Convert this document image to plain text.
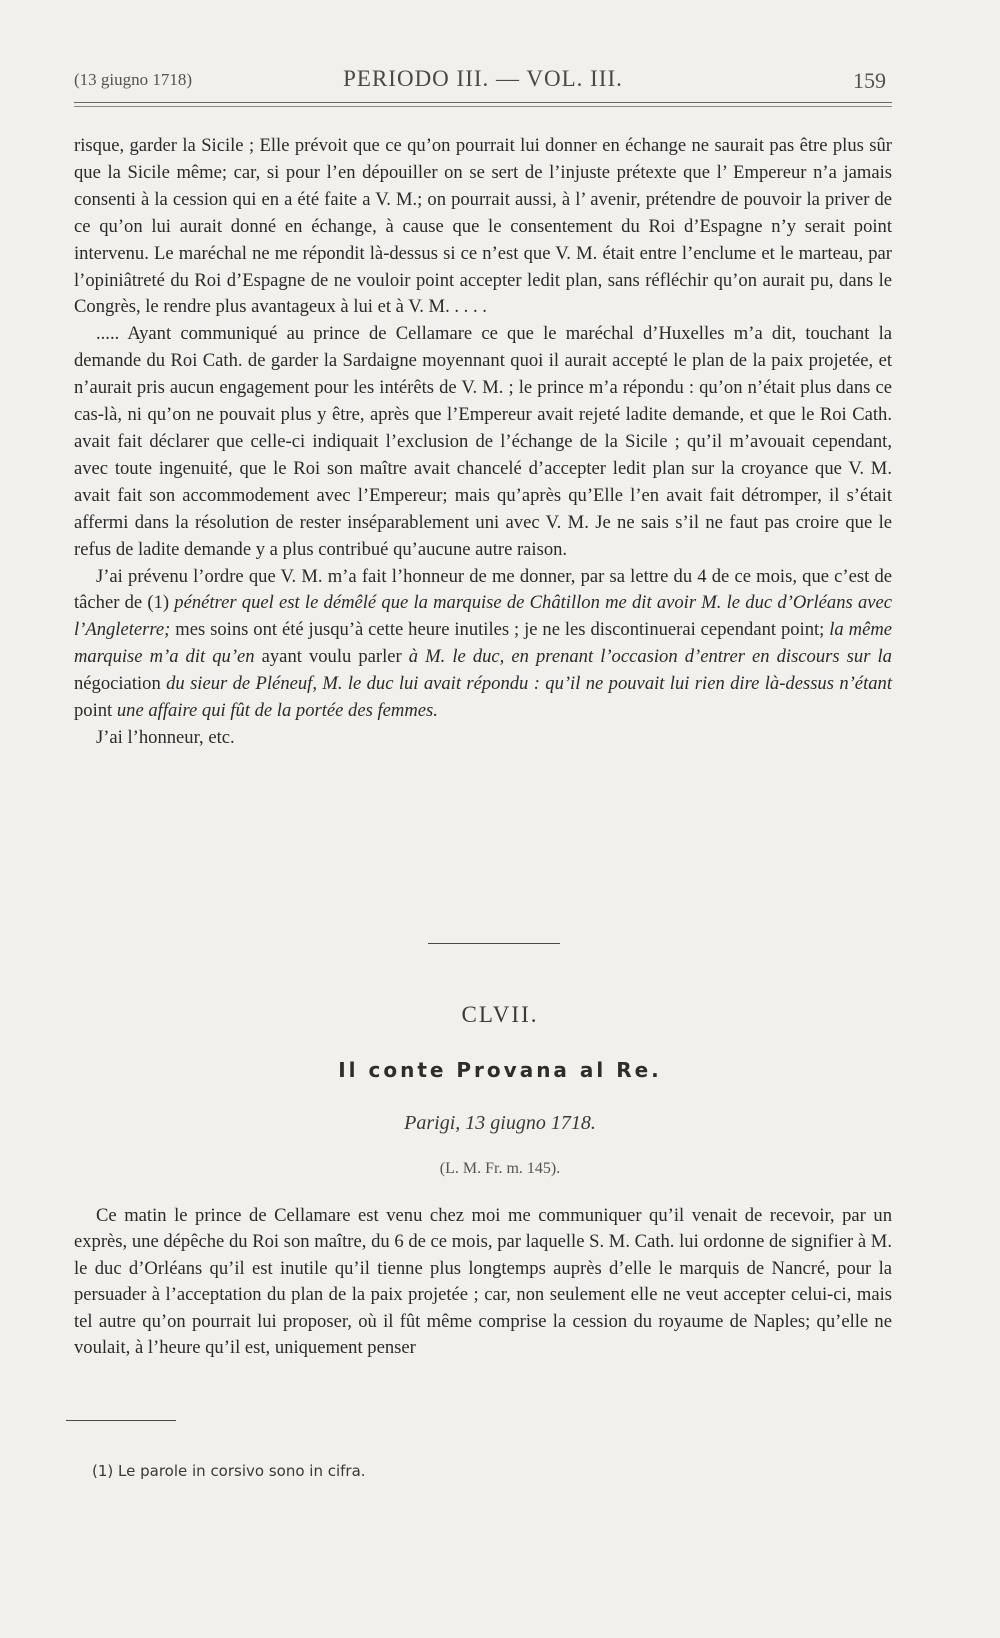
(13 giugno 1718)	PERIODO III. — VOL. III.	159

risque, garder la Sicile ; Elle prévoit que ce qu’on pourrait lui donner en échange ne saurait pas être plus sûr que la Sicile même; car, si pour l’en dépouiller on se sert de l’injuste prétexte que l’ Empereur n’a jamais consenti à la cession qui en a été faite a V. M.; on pourrait aussi, à l’ avenir, prétendre de pouvoir la priver de ce qu’on lui aurait donné en échange, à cause que le consentement du Roi d’Espagne n’y serait point intervenu. Le maréchal ne me répondit là-dessus si ce n’est que V. M. était entre l’enclume et le marteau, par l’opiniâtreté du Roi d’Espagne de ne vouloir point accepter ledit plan, sans réfléchir qu’on aurait pu, dans le Congrès, le rendre plus avantageux à lui et à V. M. . . . .

..... Ayant communiqué au prince de Cellamare ce que le maréchal d’Huxelles m’a dit, touchant la demande du Roi Cath. de garder la Sardaigne moyennant quoi il aurait accepté le plan de la paix projetée, et n’aurait pris aucun engagement pour les intérêts de V. M. ; le prince m’a répondu : qu’on n’était plus dans ce cas-là, ni qu’on ne pouvait plus y être, après que l’Empereur avait rejeté ladite demande, et que le Roi Cath. avait fait déclarer que celle-ci indiquait l’exclusion de l’échange de la Sicile ; qu’il m’avouait cependant, avec toute ingenuité, que le Roi son maître avait chancelé d’accepter ledit plan sur la croyance que V. M. avait fait son accommodement avec l’Empereur; mais qu’après qu’Elle l’en avait fait détromper, il s’était affermi dans la résolution de rester inséparablement uni avec V. M. Je ne sais s’il ne faut pas croire que le refus de ladite demande y a plus contribué qu’aucune autre raison.

J’ai prévenu l’ordre que V. M. m’a fait l’honneur de me donner, par sa lettre du 4 de ce mois, que c’est de tâcher de (1) pénétrer quel est le démêlé que la marquise de Châtillon me dit avoir M. le duc d’Orléans avec l’Angleterre; mes soins ont été jusqu’à cette heure inutiles ; je ne les discontinuerai cependant point; la même marquise m’a dit qu’en ayant voulu parler à M. le duc, en prenant l’occasion d’entrer en discours sur la négociation du sieur de Pléneuf, M. le duc lui avait répondu : qu’il ne pouvait lui rien dire là-dessus n’étant point une affaire qui fût de la portée des femmes.

J’ai l’honneur, etc.

CLVII.
Il conte Provana al Re.
Parigi, 13 giugno 1718.
(L. M. Fr. m. 145).

Ce matin le prince de Cellamare est venu chez moi me communiquer qu’il venait de recevoir, par un exprès, une dépêche du Roi son maître, du 6 de ce mois, par laquelle S. M. Cath. lui ordonne de signifier à M. le duc d’Orléans qu’il est inutile qu’il tienne plus longtemps auprès d’elle le marquis de Nancré, pour la persuader à l’acceptation du plan de la paix projetée ; car, non seulement elle ne veut accepter celui-ci, mais tel autre qu’on pourrait lui proposer, où il fût même comprise la cession du royaume de Naples; qu’elle ne voulait, à l’heure qu’il est, uniquement penser

(1) Le parole in corsivo sono in cifra.
